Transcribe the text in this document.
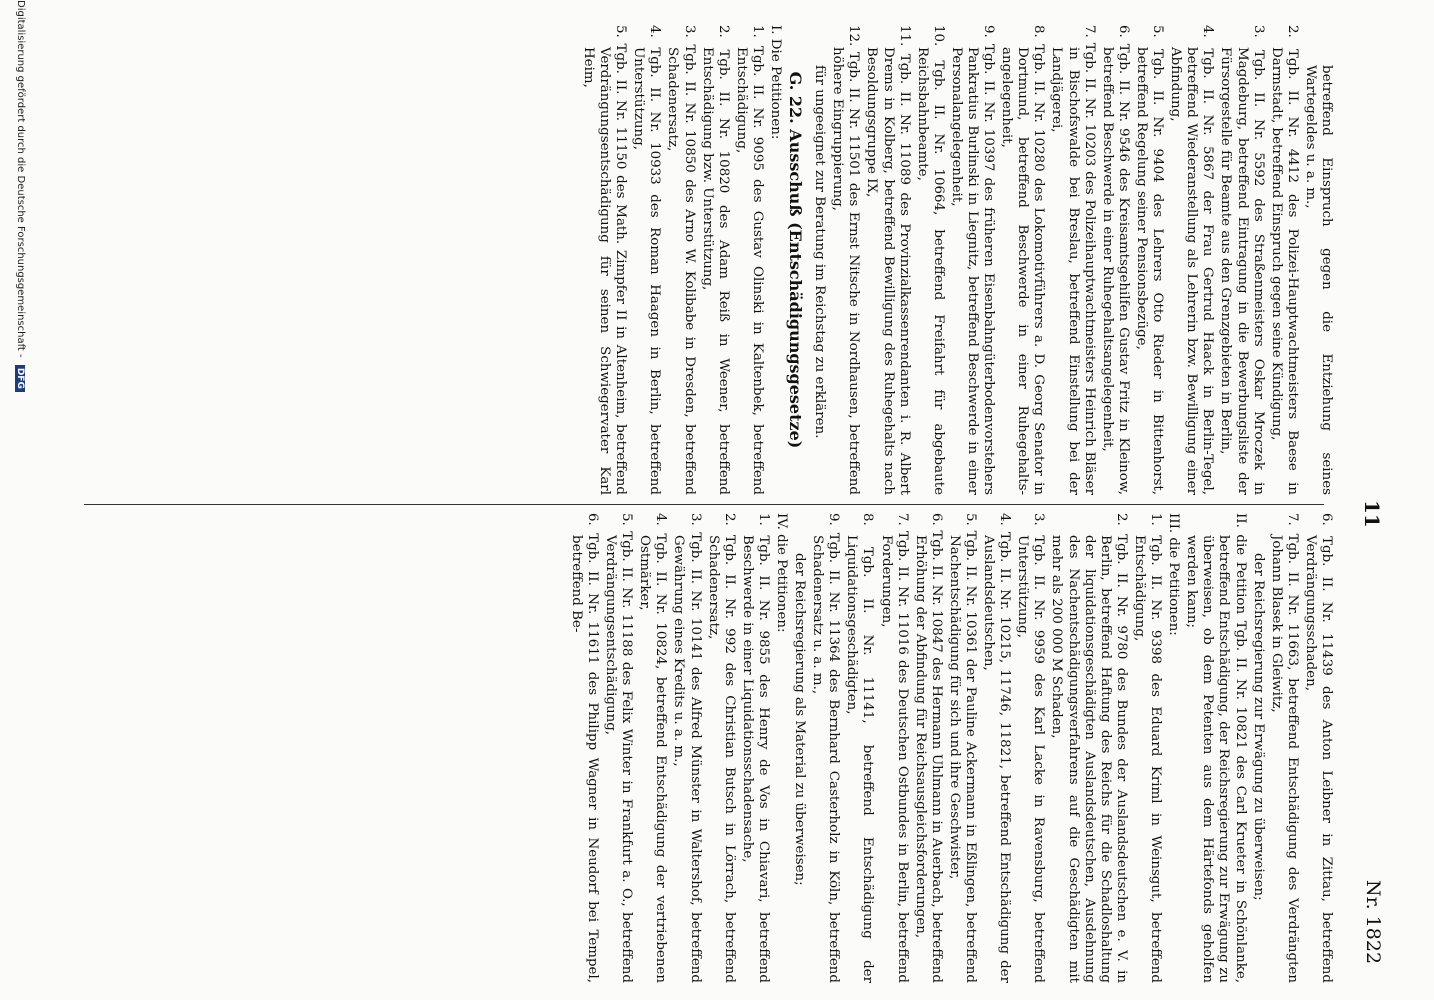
11
Nr. 1822

betreffend Einspruch gegen die Entziehung seines Wartegeldes u. a. m.,

2. Tgb. II. Nr. 4412 des Polizei-Hauptwachtmeisters Baese in Darmstadt, betreffend Einspruch gegen seine Kündigung,

3. Tgb. II. Nr. 5592 des Straßenmeisters Oskar Mroczek in Magdeburg, betreffend Eintragung in die Bewerbungsliste der Fürsorgestelle für Beamte aus den Grenzgebieten in Berlin,

4. Tgb. II. Nr. 5867 der Frau Gertrud Haack in Berlin-Tegel, betreffend Wiederanstellung als Lehrerin bzw. Bewilligung einer Abfindung,

5. Tgb. II. Nr. 9404 des Lehrers Otto Rieder in Bittenhorst, betreffend Regelung seiner Pensionsbezüge,

6. Tgb. II. Nr. 9546 des Kreisamtsgehilfen Gustav Fritz in Kleinow, betreffend Beschwerde in einer Ruhegehaltsangelegenheit,

7. Tgb. II. Nr. 10203 des Polizeihauptwachtmeisters Heinrich Bläser in Bischofswalde bei Breslau, betreffend Einstellung bei der Landjägerei,

8. Tgb. II. Nr. 10280 des Lokomotivführers a. D. Georg Senator in Dortmund, betreffend Beschwerde in einer Ruhegehaltsangelegenheit,

9. Tgb. II. Nr. 10397 des früheren Eisenbahngüterbodenvorstehers Pankratius Burlinski in Liegnitz, betreffend Beschwerde in einer Personalangelegenheit,

10. Tgb. II. Nr. 10664, betreffend Freifahrt für abgebaute Reichsbahnbeamte,

11. Tgb. II. Nr. 11089 des Provinzialkassenrendanten i. R. Albert Drems in Kolberg, betreffend Bewilligung des Ruhegehalts nach Besoldungsgruppe IX,

12. Tgb. II. Nr. 11501 des Ernst Nitsche in Nordhausen, betreffend höhere Eingruppierung,

für ungeeignet zur Beratung im Reichstag zu erklären.

G. 22. Ausschuß (Entschädigungsgesetze)

I. Die Petitionen:

1. Tgb. II. Nr. 9095 des Gustav Olinski in Kaltenbek, betreffend Entschädigung,

2. Tgb. II. Nr. 10820 des Adam Reiß in Weener, betreffend Entschädigung bzw. Unterstützung,

3. Tgb. II. Nr. 10850 des Arno W. Kolibabe in Dresden, betreffend Schadenersatz,

4. Tgb. II. Nr. 10933 des Roman Haagen in Berlin, betreffend Unterstützung,

5. Tgb. II. Nr. 11150 des Math. Zimpfer II in Altenheim, betreffend Verdrängungsentschädigung für seinen Schwiegervater Karl Heim,

6. Tgb. II. Nr. 11439 des Anton Leibner in Zittau, betreffend Verdrängungsschaden,

7. Tgb. II. Nr. 11663, betreffend Entschädigung des Verdrängten Johann Blasek in Gleiwitz,

der Reichsregierung zur Erwägung zu überweisen;

II. die Petition Tgb. II. Nr. 10821 des Carl Krueter in Schönlanke, betreffend Entschädigung, der Reichsregierung zur Erwägung zu überweisen, ob dem Petenten aus dem Härtefonds geholfen werden kann;

III. die Petitionen:

1. Tgb. II. Nr. 9398 des Eduard Kriml in Weinsgut, betreffend Entschädigung,

2. Tgb. II. Nr. 9780 des Bundes der Auslandsdeutschen e. V. in Berlin, betreffend Haftung des Reichs für die Schadloshaltung der liquidationsgeschädigten Auslandsdeutschen, Ausdehnung des Nachentschädigungsverfahrens auf die Geschädigten mit mehr als 200 000 M Schaden,

3. Tgb. II. Nr. 9959 des Karl Lacke in Ravensburg, betreffend Unterstützung,

4. Tgb. II. Nr. 10215, 11746, 11821, betreffend Entschädigung der Auslandsdeutschen,

5. Tgb. II. Nr. 10361 der Pauline Ackermann in Eßlingen, betreffend Nachentschädigung für sich und ihre Geschwister,

6. Tgb. II. Nr. 10847 des Hermann Uhlmann in Auerbach, betreffend Erhöhung der Abfindung für Reichsausgleichsforderungen,

7. Tgb. II. Nr. 11016 des Deutschen Ostbundes in Berlin, betreffend Forderungen,

8. Tgb. II. Nr. 11141, betreffend Entschädigung der Liquidationsgeschädigten,

9. Tgb. II. Nr. 11364 des Bernhard Casterholz in Köln, betreffend Schadenersatz u. a. m.,

der Reichsregierung als Material zu überweisen;

IV. die Petitionen:

1. Tgb. II. Nr. 9855 des Henry de Vos in Chiavari, betreffend Beschwerde in einer Liquidationsschadensache,

2. Tgb. II. Nr. 992 des Christian Butsch in Lörrach, betreffend Schadenersatz,

3. Tgb. II. Nr. 10141 des Alfred Münster in Waltershof, betreffend Gewährung eines Kredits u. a. m.,

4. Tgb. II. Nr. 10824, betreffend Entschädigung der vertriebenen Ostmärker,

5. Tgb. II. Nr. 11188 des Felix Winter in Frankfurt a. O., betreffend Verdrängungsentschädigung,

6. Tgb. II. Nr. 11611 des Philipp Wagner in Neudorf bei Tempel, betreffend Be-

Digitalisierung gefördert durch die Deutsche Forschungsgemeinschaft - DFG
